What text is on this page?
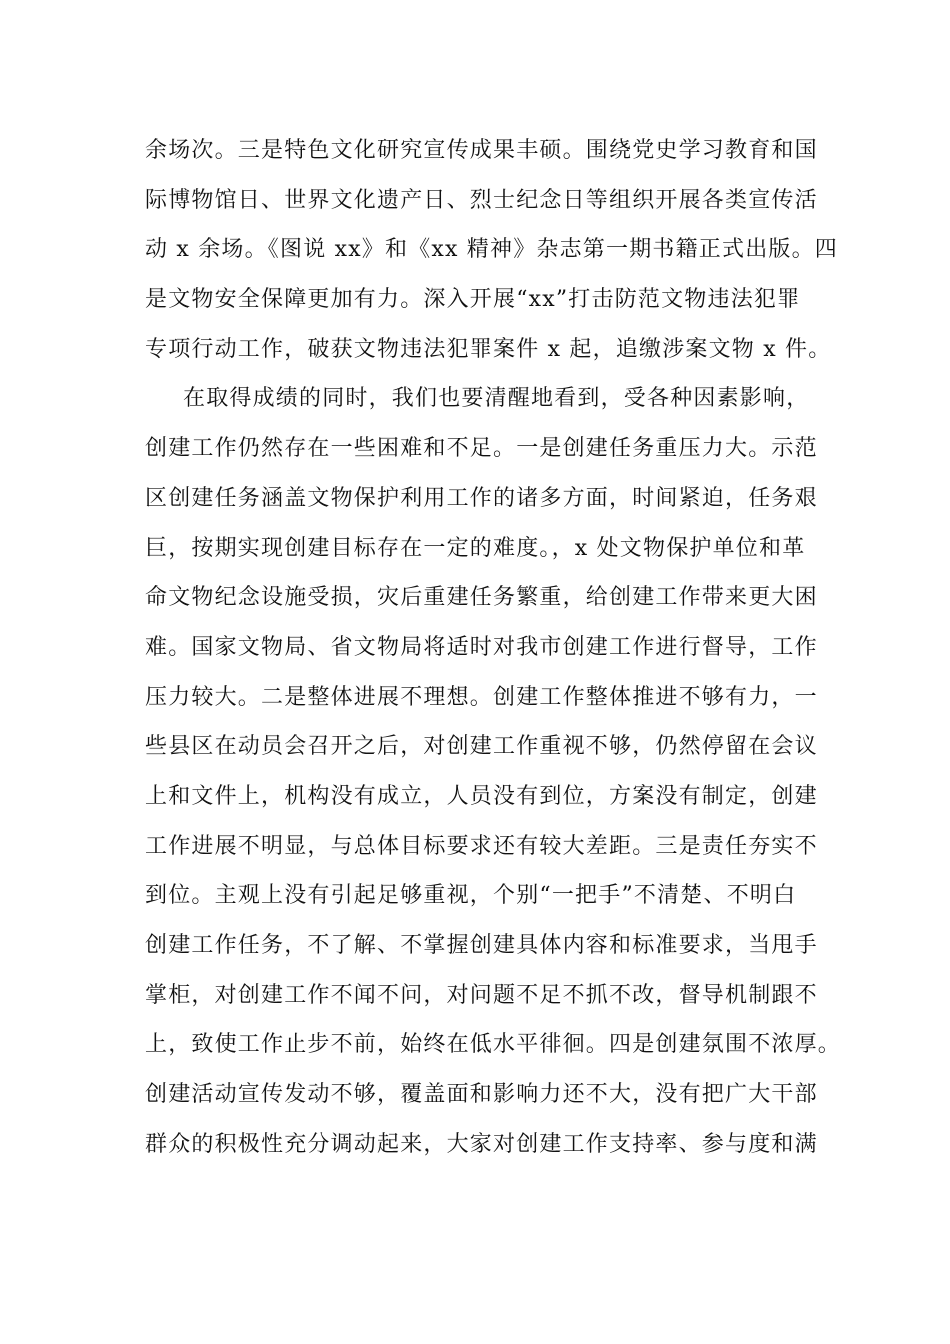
余场次。三是特色文化研究宣传成果丰硕。围绕党史学习教育和国
际博物馆日、世界文化遗产日、烈士纪念日等组织开展各类宣传活
动 x 余场。《图说 xx》和《xx 精神》杂志第一期书籍正式出版。四
是文物安全保障更加有力。深入开展“xx”打击防范文物违法犯罪
专项行动工作，破获文物违法犯罪案件 x 起，追缴涉案文物 x 件。
在取得成绩的同时，我们也要清醒地看到，受各种因素影响，
创建工作仍然存在一些困难和不足。一是创建任务重压力大。示范
区创建任务涵盖文物保护利用工作的诸多方面，时间紧迫，任务艰
巨，按期实现创建目标存在一定的难度。，x 处文物保护单位和革
命文物纪念设施受损，灾后重建任务繁重，给创建工作带来更大困
难。国家文物局、省文物局将适时对我市创建工作进行督导，工作
压力较大。二是整体进展不理想。创建工作整体推进不够有力，一
些县区在动员会召开之后，对创建工作重视不够，仍然停留在会议
上和文件上，机构没有成立，人员没有到位，方案没有制定，创建
工作进展不明显，与总体目标要求还有较大差距。三是责任夯实不
到位。主观上没有引起足够重视，个别“一把手”不清楚、不明白
创建工作任务，不了解、不掌握创建具体内容和标准要求，当甩手
掌柜，对创建工作不闻不问，对问题不足不抓不改，督导机制跟不
上，致使工作止步不前，始终在低水平徘徊。四是创建氛围不浓厚。
创建活动宣传发动不够，覆盖面和影响力还不大，没有把广大干部
群众的积极性充分调动起来，大家对创建工作支持率、参与度和满
